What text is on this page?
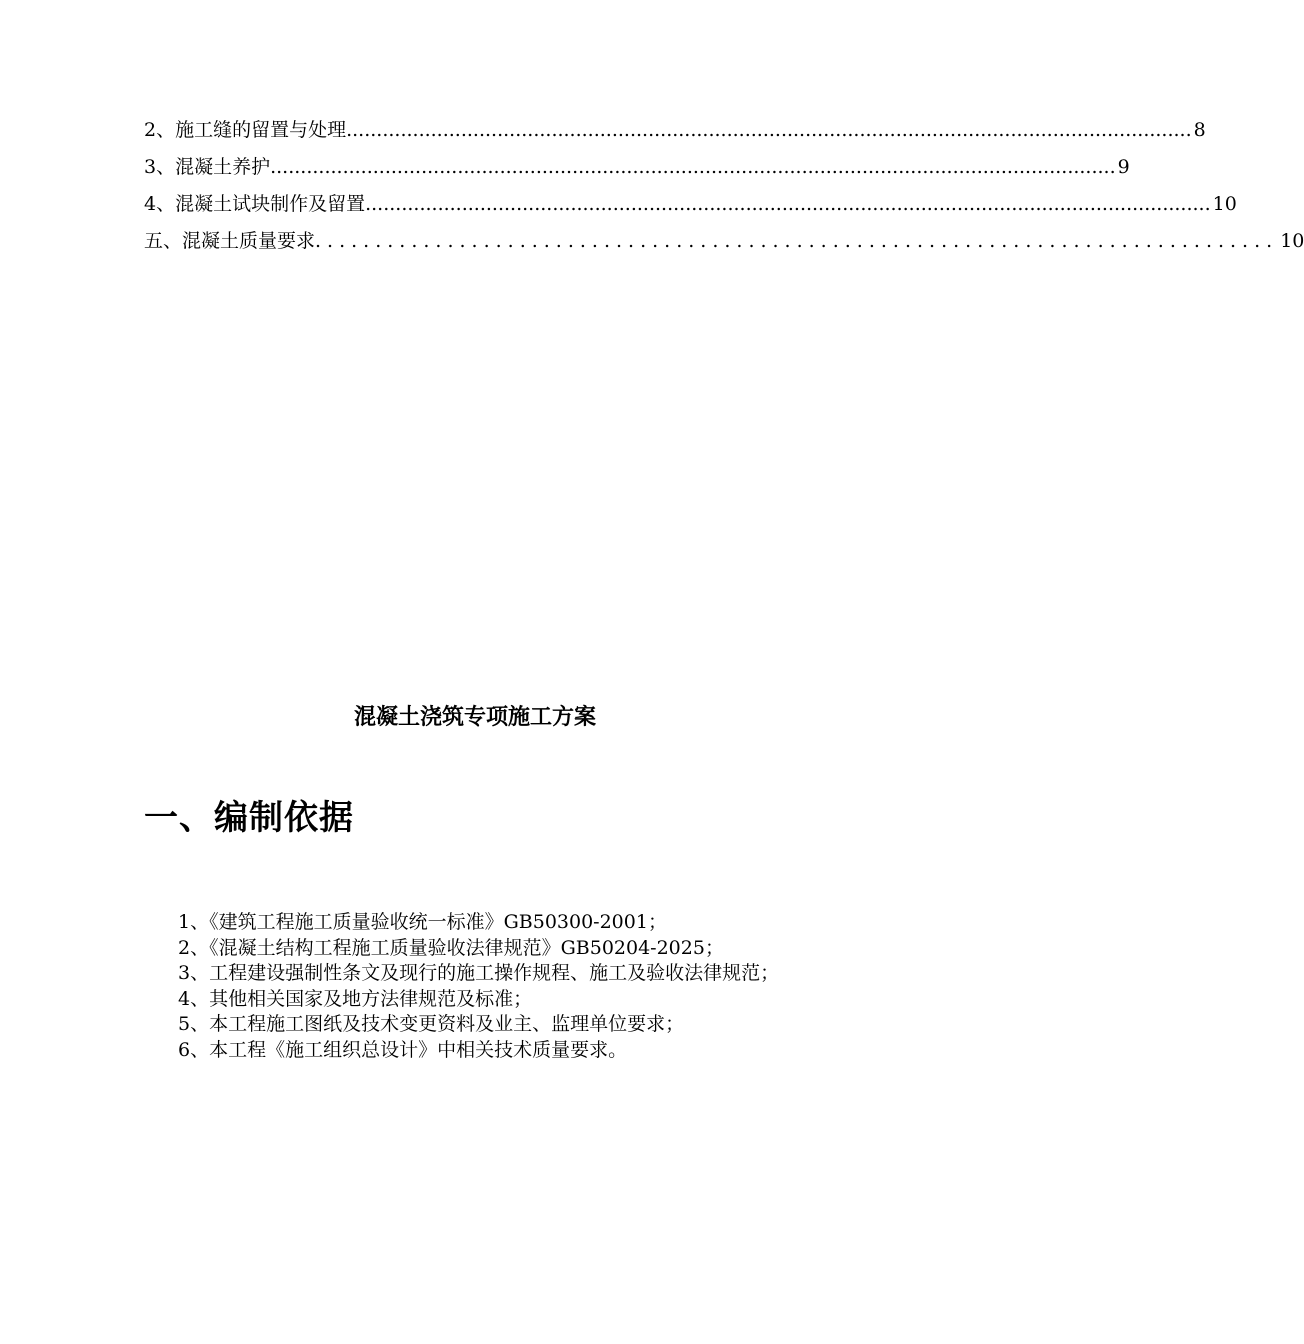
2、施工缝的留置与处理 ............................................................................................................................................ 8
3、混凝土养护 ............................................................................................................................................ 9
4、混凝土试块制作及留置 ............................................................................................................................................ 10
五、混凝土质量要求 ................................................................................ 10
混凝土浇筑专项施工方案
一、编制依据

1、《建筑工程施工质量验收统一标准》GB50300-2001；

2、《混凝土结构工程施工质量验收法律规范》GB50204-2025；

3、工程建设强制性条文及现行的施工操作规程、施工及验收法律规范；

4、其他相关国家及地方法律规范及标准；

5、本工程施工图纸及技术变更资料及业主、监理单位要求；

6、本工程《施工组织总设计》中相关技术质量要求。
